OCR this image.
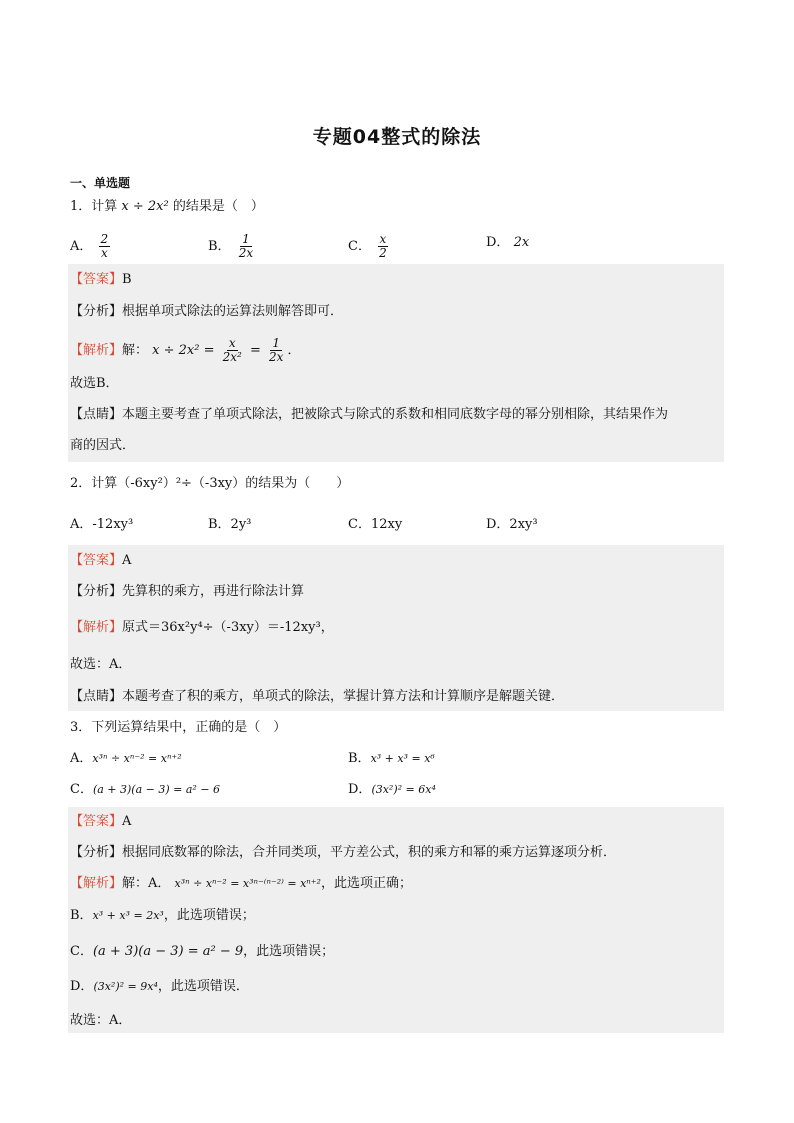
专题04整式的除法
一、单选题
1．计算 x ÷ 2x² 的结果是（　）
A． $\frac{2}{x}$	B． $\frac{1}{2x}$	C． $\frac{x}{2}$	D． 2x
【答案】B
【分析】根据单项式除法的运算法则解答即可．
【解析】解： $x \div 2x^2 = \frac{x}{\text{2x²}} = \frac{1}{2x}$ ．
故选B．
【点睛】本题主要考查了单项式除法，把被除式与除式的系数和相同底数字母的幂分别相除，其结果作为
商的因式．
2．计算（-6xy²）²÷（-3xy）的结果为（　　）
A．-12xy³	B．2y³	C．12xy	D．2xy³
【答案】A
【分析】先算积的乘方，再进行除法计算
【解析】原式＝36x²y⁴÷（-3xy）＝-12xy³，
故选：A．
【点睛】本题考查了积的乘方，单项式的除法，掌握计算方法和计算顺序是解题关键．
3．下列运算结果中，正确的是（　）
A．x³ⁿ ÷ xⁿ⁻² = xⁿ⁺²	B．x³ + x³ = x⁶
C．(a + 3)(a − 3) = a² − 6	D．(3x²)² = 6x⁴
【答案】A
【分析】根据同底数幂的除法，合并同类项，平方差公式，积的乘方和幂的乘方运算逐项分析．
【解析】解：A． x³ⁿ ÷ xⁿ⁻² = x³ⁿ⁻⁽ⁿ⁻²⁾ = xⁿ⁺²，此选项正确；
B．x³ + x³ = 2x³，此选项错误；
C．(a + 3)(a − 3) = a² − 9，此选项错误；
D．(3x²)² = 9x⁴，此选项错误．
故选：A．
